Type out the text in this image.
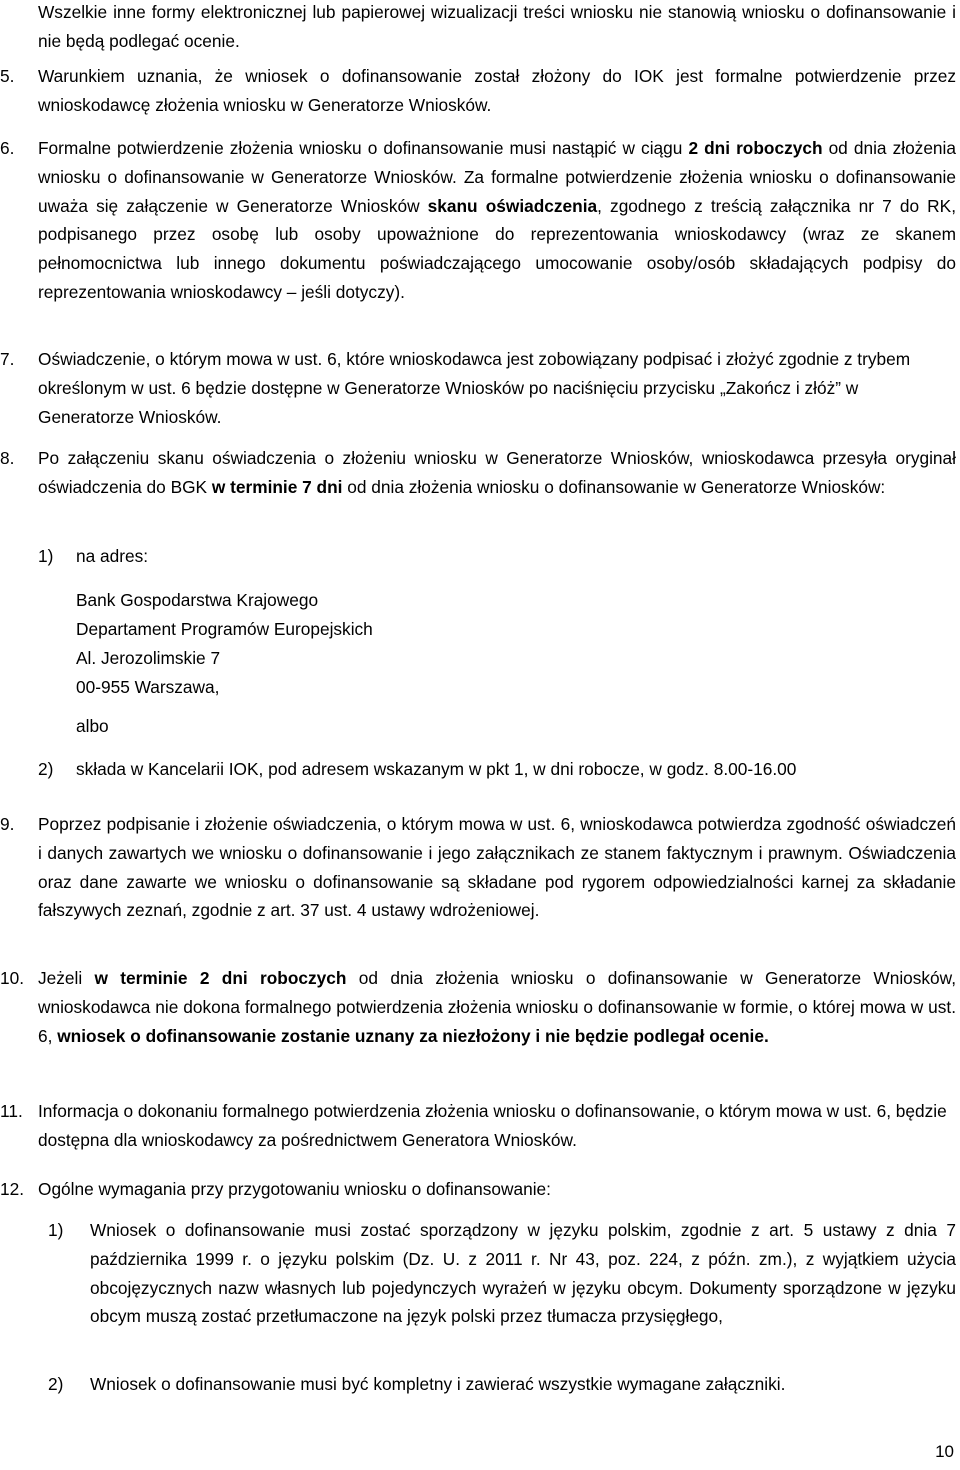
Wszelkie inne formy elektronicznej lub papierowej wizualizacji treści wniosku nie stanowią wniosku o dofinansowanie i nie będą podlegać ocenie.
5.	Warunkiem uznania, że wniosek o dofinansowanie został złożony do IOK jest formalne potwierdzenie przez wnioskodawcę złożenia wniosku w Generatorze Wniosków.
6.	Formalne potwierdzenie złożenia wniosku o dofinansowanie musi nastąpić w ciągu 2 dni roboczych od dnia złożenia wniosku o dofinansowanie w Generatorze Wniosków. Za formalne potwierdzenie złożenia wniosku o dofinansowanie uważa się załączenie w Generatorze Wniosków skanu oświadczenia, zgodnego z treścią załącznika nr 7 do RK, podpisanego przez osobę lub osoby upoważnione do reprezentowania wnioskodawcy (wraz ze skanem pełnomocnictwa lub innego dokumentu poświadczającego umocowanie osoby/osób składających podpisy do reprezentowania wnioskodawcy – jeśli dotyczy).
7.	Oświadczenie, o którym mowa w ust. 6, które wnioskodawca jest zobowiązany podpisać i złożyć zgodnie z trybem określonym w ust. 6 będzie dostępne w Generatorze Wniosków po naciśnięciu przycisku „Zakończ i złóż” w Generatorze Wniosków.
8.	Po załączeniu skanu oświadczenia o złożeniu wniosku w Generatorze Wniosków, wnioskodawca przesyła oryginał oświadczenia do BGK w terminie 7 dni od dnia złożenia wniosku o dofinansowanie w Generatorze Wniosków:
1) na adres:
Bank Gospodarstwa Krajowego
Departament Programów Europejskich
Al. Jerozolimskie 7
00-955 Warszawa,
albo
2) składa w Kancelarii IOK, pod adresem wskazanym w pkt 1, w dni robocze, w godz. 8.00-16.00
9.	Poprzez podpisanie i złożenie oświadczenia, o którym mowa w ust. 6, wnioskodawca potwierdza zgodność oświadczeń i danych zawartych we wniosku o dofinansowanie i jego załącznikach ze stanem faktycznym i prawnym. Oświadczenia oraz dane zawarte we wniosku o dofinansowanie są składane pod rygorem odpowiedzialności karnej za składanie fałszywych zeznań, zgodnie z art. 37 ust. 4 ustawy wdrożeniowej.
10. Jeżeli w terminie 2 dni roboczych od dnia złożenia wniosku o dofinansowanie w Generatorze Wniosków, wnioskodawca nie dokona formalnego potwierdzenia złożenia wniosku o dofinansowanie w formie, o której mowa w ust. 6, wniosek o dofinansowanie zostanie uznany za niezłożony i nie będzie podlegał ocenie.
11. Informacja o dokonaniu formalnego potwierdzenia złożenia wniosku o dofinansowanie, o którym mowa w ust. 6, będzie dostępna dla wnioskodawcy za pośrednictwem Generatora Wniosków.
12. Ogólne wymagania przy przygotowaniu wniosku o dofinansowanie:
1) Wniosek o dofinansowanie musi zostać sporządzony w języku polskim, zgodnie z art. 5 ustawy z dnia 7 października 1999 r. o języku polskim (Dz. U. z 2011 r. Nr 43, poz. 224, z późn. zm.), z wyjątkiem użycia obcojęzycznych nazw własnych lub pojedynczych wyrażeń w języku obcym. Dokumenty sporządzone w języku obcym muszą zostać przetłumaczone na język polski przez tłumacza przysięgłego,
2) Wniosek o dofinansowanie musi być kompletny i zawierać wszystkie wymagane załączniki.
10
